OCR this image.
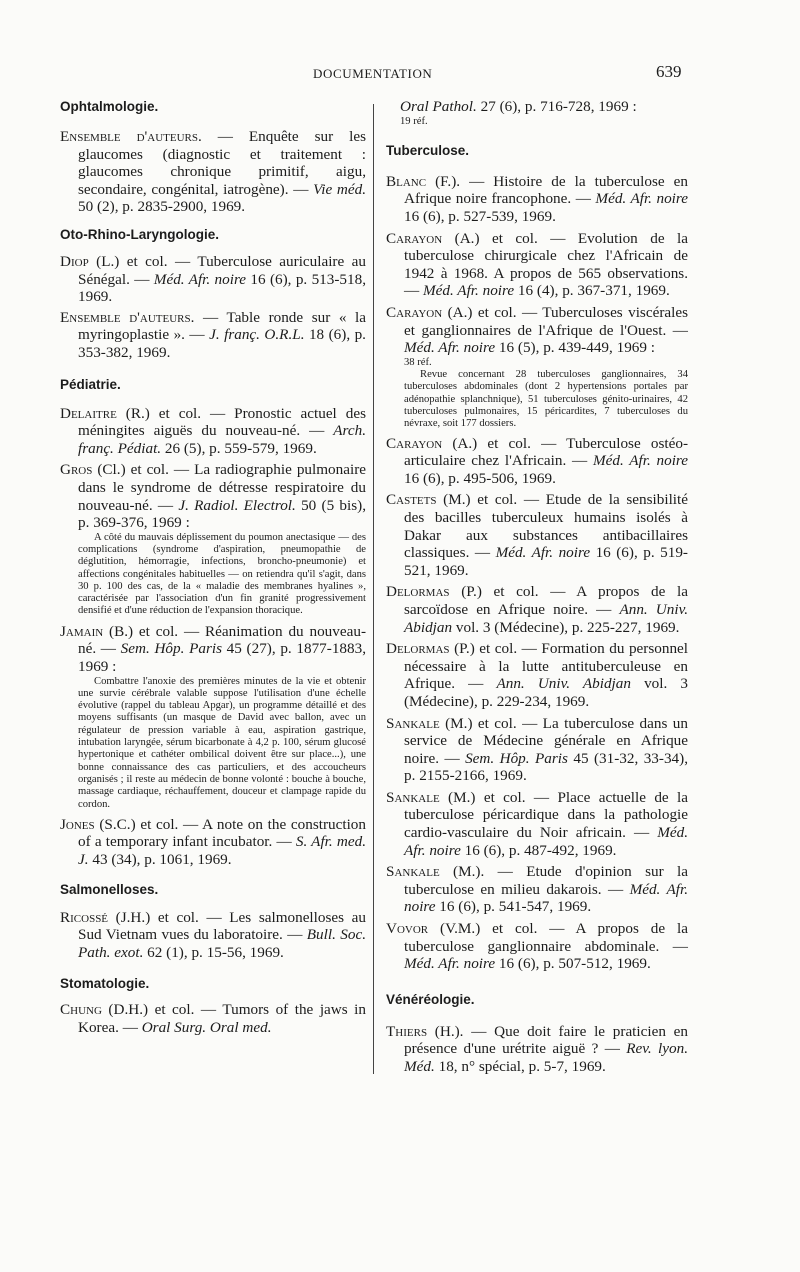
DOCUMENTATION	639
Ophtalmologie.
Ensemble d'auteurs. — Enquête sur les glaucomes (diagnostic et traitement : glaucomes chronique primitif, aigu, secondaire, congénital, iatrogène). — Vie méd. 50 (2), p. 2835-2900, 1969.
Oto-Rhino-Laryngologie.
Diop (L.) et col. — Tuberculose auriculaire au Sénégal. — Méd. Afr. noire 16 (6), p. 513-518, 1969.
Ensemble d'auteurs. — Table ronde sur « la myringoplastie ». — J. franç. O.R.L. 18 (6), p. 353-382, 1969.
Pédiatrie.
Delaitre (R.) et col. — Pronostic actuel des méningites aiguës du nouveau-né. — Arch. franç. Pédiat. 26 (5), p. 559-579, 1969.
Gros (Cl.) et col. — La radiographie pulmonaire dans le syndrome de détresse respiratoire du nouveau-né. — J. Radiol. Electrol. 50 (5 bis), p. 369-376, 1969 :
A côté du mauvais déplissement du poumon anectasique — des complications (syndrome d'aspiration, pneumopathie de déglutition, hémorragie, infections, broncho-pneumonie) et affections congénitales habituelles — on retiendra qu'il s'agit, dans 30 p. 100 des cas, de la « maladie des membranes hyalines », caractérisée par l'association d'un fin granité progressivement densifié et d'une réduction de l'expansion thoracique.
Jamain (B.) et col. — Réanimation du nouveau-né. — Sem. Hôp. Paris 45 (27), p. 1877-1883, 1969 :
Combattre l'anoxie des premières minutes de la vie et obtenir une survie cérébrale valable suppose l'utilisation d'une échelle évolutive (rappel du tableau Apgar), un programme détaillé et des moyens suffisants (un masque de David avec ballon, avec un régulateur de pression variable à eau, aspiration gastrique, intubation laryngée, sérum bicarbonate à 4,2 p. 100, sérum glucosé hypertonique et cathéter ombilical doivent être sur place...), une bonne connaissance des cas particuliers, et des accoucheurs organisés ; il reste au médecin de bonne volonté : bouche à bouche, massage cardiaque, réchauffement, douceur et clampage rapide du cordon.
Jones (S.C.) et col. — A note on the construction of a temporary infant incubator. — S. Afr. med. J. 43 (34), p. 1061, 1969.
Salmonelloses.
Ricossé (J.H.) et col. — Les salmonelloses au Sud Vietnam vues du laboratoire. — Bull. Soc. Path. exot. 62 (1), p. 15-56, 1969.
Stomatologie.
Chung (D.H.) et col. — Tumors of the jaws in Korea. — Oral Surg. Oral med.
Oral Pathol. 27 (6), p. 716-728, 1969 :
19 réf.
Tuberculose.
Blanc (F.). — Histoire de la tuberculose en Afrique noire francophone. — Méd. Afr. noire 16 (6), p. 527-539, 1969.
Carayon (A.) et col. — Evolution de la tuberculose chirurgicale chez l'Africain de 1942 à 1968. A propos de 565 observations. — Méd. Afr. noire 16 (4), p. 367-371, 1969.
Carayon (A.) et col. — Tuberculoses viscérales et ganglionnaires de l'Afrique de l'Ouest. — Méd. Afr. noire 16 (5), p. 439-449, 1969 :
38 réf.
Revue concernant 28 tuberculoses ganglionnaires, 34 tuberculoses abdominales (dont 2 hypertensions portales par adénopathie splanchnique), 51 tuberculoses génito-urinaires, 42 tuberculoses pulmonaires, 15 péricardites, 7 tuberculoses du névraxe, soit 177 dossiers.
Carayon (A.) et col. — Tuberculose ostéo-articulaire chez l'Africain. — Méd. Afr. noire 16 (6), p. 495-506, 1969.
Castets (M.) et col. — Etude de la sensibilité des bacilles tuberculeux humains isolés à Dakar aux substances antibacillaires classiques. — Méd. Afr. noire 16 (6), p. 519-521, 1969.
Delormas (P.) et col. — A propos de la sarcoïdose en Afrique noire. — Ann. Univ. Abidjan vol. 3 (Médecine), p. 225-227, 1969.
Delormas (P.) et col. — Formation du personnel nécessaire à la lutte antituberculeuse en Afrique. — Ann. Univ. Abidjan vol. 3 (Médecine), p. 229-234, 1969.
Sankale (M.) et col. — La tuberculose dans un service de Médecine générale en Afrique noire. — Sem. Hôp. Paris 45 (31-32, 33-34), p. 2155-2166, 1969.
Sankale (M.) et col. — Place actuelle de la tuberculose péricardique dans la pathologie cardio-vasculaire du Noir africain. — Méd. Afr. noire 16 (6), p. 487-492, 1969.
Sankale (M.). — Etude d'opinion sur la tuberculose en milieu dakarois. — Méd. Afr. noire 16 (6), p. 541-547, 1969.
Vovor (V.M.) et col. — A propos de la tuberculose ganglionnaire abdominale. — Méd. Afr. noire 16 (6), p. 507-512, 1969.
Vénéréologie.
Thiers (H.). — Que doit faire le praticien en présence d'une urétrite aiguë ? — Rev. lyon. Méd. 18, n° spécial, p. 5-7, 1969.
